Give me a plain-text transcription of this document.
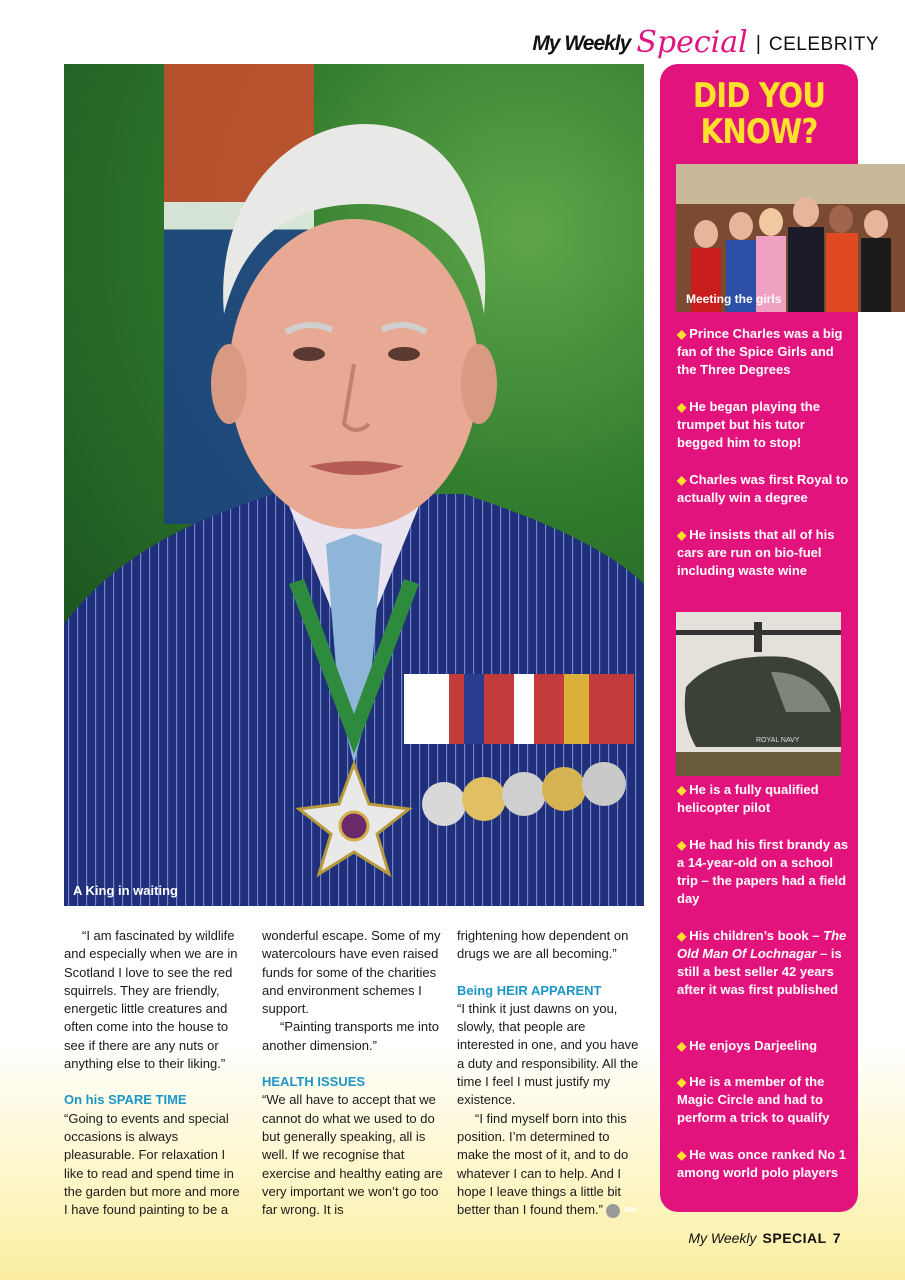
My Weekly Special | CELEBRITY
A King in waiting
DID YOU
KNOW?
Meeting the girls
◆ Prince Charles was a big fan of the Spice Girls and the Three Degrees
◆ He began playing the trumpet but his tutor begged him to stop!
◆ Charles was first Royal to actually win a degree
◆ He insists that all of his cars are run on bio-fuel including waste wine
ROYAL NAVY
◆ He is a fully qualified helicopter pilot
◆ He had his first brandy as a 14-year-old on a school trip – the papers had a field day
◆ His children’s book – The Old Man Of Lochnagar – is still a best seller 42 years after it was first published
◆ He enjoys Darjeeling
◆ He is a member of the Magic Circle and had to perform a trick to qualify
◆ He was once ranked No 1 among world polo players

“I am fascinated by wildlife and especially when we are in Scotland I love to see the red squirrels. They are friendly, energetic little creatures and often come into the house to see if there are any nuts or anything else to their liking.”

On his SPARE TIME

“Going to events and special occasions is always pleasurable. For relaxation I like to read and spend time in the garden but more and more I have found painting to be a

wonderful escape. Some of my watercolours have even raised funds for some of the charities and environment schemes I support.

“Painting transports me into another dimension.”

HEALTH ISSUES

“We all have to accept that we cannot do what we used to do but generally speaking, all is well. If we recognise that exercise and healthy eating are very important we won’t go too far wrong. It is

frightening how dependent on drugs we are all becoming.”

Being HEIR APPARENT

“I think it just dawns on you, slowly, that people are interested in one, and you have a duty and responsibility. All the time I feel I must justify my existence.

“I find myself born into this position. I’m determined to make the most of it, and to do whatever I can to help. And I hope I leave things a little bit better than I found them.”	MW

My Weekly SPECIAL 7
